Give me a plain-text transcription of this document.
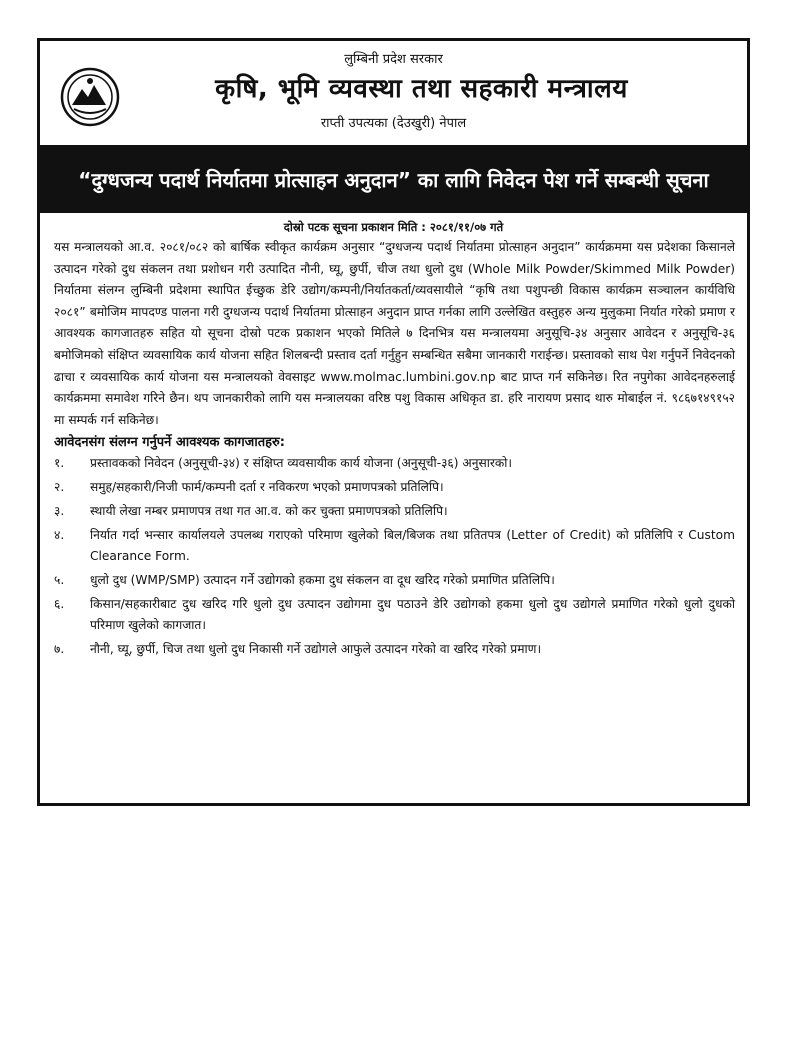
लुम्बिनी प्रदेश सरकार
कृषि, भूमि व्यवस्था तथा सहकारी मन्त्रालय
राप्ती उपत्यका (देउखुरी) नेपाल
“दुग्धजन्य पदार्थ निर्यातमा प्रोत्साहन अनुदान” का लागि निवेदन पेश गर्ने सम्बन्धी सूचना
दोस्रो पटक सूचना प्रकाशन मिति : २०८१/११/०७ गते
यस मन्त्रालयको आ.व. २०८१/०८२ को बार्षिक स्वीकृत कार्यक्रम अनुसार “दुग्धजन्य पदार्थ निर्यातमा प्रोत्साहन अनुदान” कार्यक्रममा यस प्रदेशका किसानले उत्पादन गरेको दुध संकलन तथा प्रशोधन गरी उत्पादित नौनी, घ्यू, छुर्पी, चीज तथा धुलो दुध (Whole Milk Powder/Skimmed Milk Powder) निर्यातमा संलग्न लुम्बिनी प्रदेशमा स्थापित ईच्छुक डेरि उद्योग/कम्पनी/निर्यातकर्ता/व्यवसायीले “कृषि तथा पशुपन्छी विकास कार्यक्रम सञ्चालन कार्यविधि २०८१” बमोजिम मापदण्ड पालना गरी दुग्धजन्य पदार्थ निर्यातमा प्रोत्साहन अनुदान प्राप्त गर्नका लागि उल्लेखित वस्तुहरु अन्य मुलुकमा निर्यात गरेको प्रमाण र आवश्यक कागजातहरु सहित यो सूचना दोस्रो पटक प्रकाशन भएको मितिले ७ दिनभित्र यस मन्त्रालयमा अनुसूचि-३४ अनुसार आवेदन र अनुसूचि-३६ बमोजिमको संक्षिप्त व्यवसायिक कार्य योजना सहित शिलबन्दी प्रस्ताव दर्ता गर्नुहुन सम्बन्धित सबैमा जानकारी गराईन्छ। प्रस्तावको साथ पेश गर्नुपर्ने निवेदनको ढाचा र व्यवसायिक कार्य योजना यस मन्त्रालयको वेवसाइट www.molmac.lumbini.gov.np बाट प्राप्त गर्न सकिनेछ। रित नपुगेका आवेदनहरुलाई कार्यक्रममा समावेश गरिने छैन। थप जानकारीको लागि यस मन्त्रालयका वरिष्ठ पशु विकास अधिकृत डा. हरि नारायण प्रसाद थारु मोबाईल नं. ९८६७१४९१५२ मा सम्पर्क गर्न सकिनेछ।
आवेदनसंग संलग्न गर्नुपर्ने आवश्यक कागजातहरु:
१.	प्रस्तावकको निवेदन (अनुसूची-३४) र संक्षिप्त व्यवसायीक कार्य योजना (अनुसूची-३६) अनुसारको।
२.	समुह/सहकारी/निजी फार्म/कम्पनी दर्ता र नविकरण भएको प्रमाणपत्रको प्रतिलिपि।
३.	स्थायी लेखा नम्बर प्रमाणपत्र तथा गत आ.व. को कर चुक्ता प्रमाणपत्रको प्रतिलिपि।
४.	निर्यात गर्दा भन्सार कार्यालयले उपलब्ध गराएको परिमाण खुलेको बिल/बिजक तथा प्रतितपत्र (Letter of Credit) को प्रतिलिपि र Custom Clearance Form.
५.	धुलो दुध (WMP/SMP) उत्पादन गर्ने उद्योगको हकमा दुध संकलन वा दूध खरिद गरेको प्रमाणित प्रतिलिपि।
६.	किसान/सहकारीबाट दुध खरिद गरि धुलो दुध उत्पादन उद्योगमा दुध पठाउने डेरि उद्योगको हकमा धुलो दुध उद्योगले प्रमाणित गरेको धुलो दुधको परिमाण खुलेको कागजात।
७.	नौनी, घ्यू, छुर्पी, चिज तथा धुलो दुध निकासी गर्ने उद्योगले आफुले उत्पादन गरेको वा खरिद गरेको प्रमाण।
